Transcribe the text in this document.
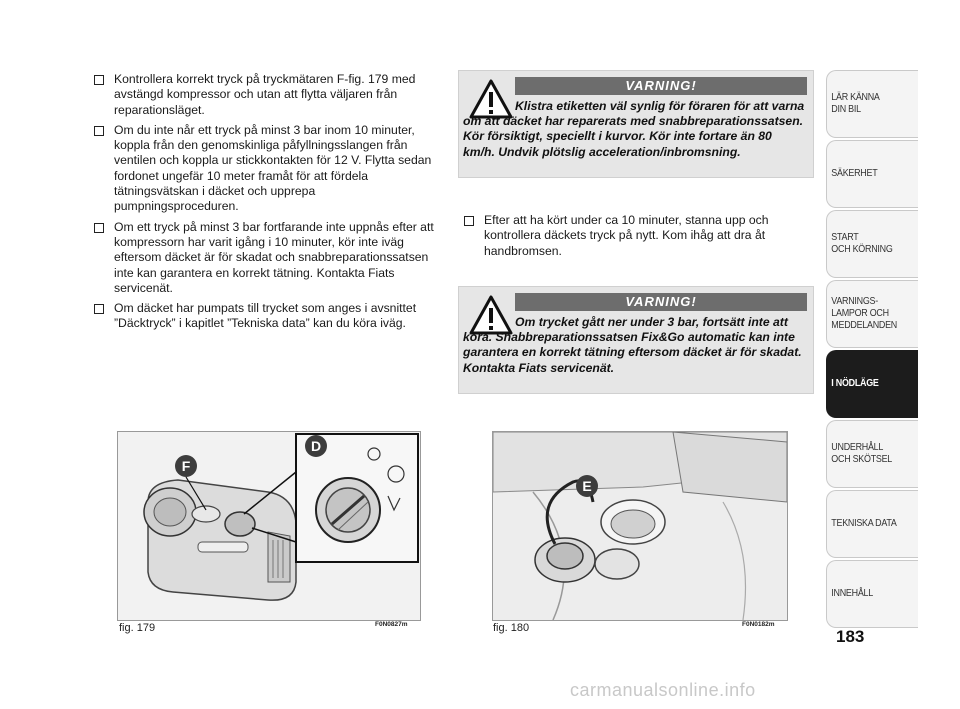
Kontrollera korrekt tryck på tryckmätaren F-fig. 179 med avstängd kompressor och utan att flytta väljaren från reparationsläget.
Om du inte når ett tryck på minst 3 bar inom 10 minuter, koppla från den genomskinliga påfyllningsslangen från ventilen och koppla ur stickkontakten för 12 V. Flytta sedan fordonet ungefär 10 meter framåt för att fördela tätningsvätskan i däcket och upprepa pumpningsproceduren.
Om ett tryck på minst 3 bar fortfarande inte uppnås efter att kompressorn har varit igång i 10 minuter, kör inte iväg eftersom däcket är för skadat och snabbreparationssatsen inte kan garantera en korrekt tätning. Kontakta Fiats servicenät.
Om däcket har pumpats till trycket som anges i avsnittet ”Däcktryck” i kapitlet ”Tekniska data” kan du köra iväg.
VARNING!
Klistra etiketten väl synlig för föraren för att varna om att däcket har reparerats med snabbreparationssatsen. Kör försiktigt, speciellt i kurvor. Kör inte fortare än 80 km/h. Undvik plötslig acceleration/inbromsning.
Efter att ha kört under ca 10 minuter, stanna upp och kontrollera däckets tryck på nytt. Kom ihåg att dra åt handbromsen.
VARNING!
Om trycket gått ner under 3 bar, fortsätt inte att köra. Snabbreparationssatsen Fix&Go automatic kan inte garantera en korrekt tätning eftersom däcket är för skadat. Kontakta Fiats servicenät.
D
F
fig. 179	F0N0827m
E
fig. 180	F0N0182m
LÄR KÄNNA
DIN BIL
SÄKERHET
START
OCH KÖRNING
VARNINGS-
LAMPOR OCH
MEDDELANDEN
I NÖDLÄGE
UNDERHÅLL
OCH SKÖTSEL
TEKNISKA DATA
INNEHÅLL
183
carmanualsonline.info
